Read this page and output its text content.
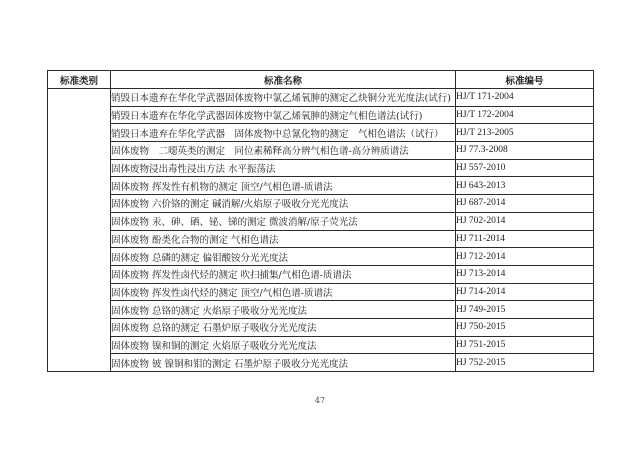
标准类别	标准名称	标准编号
	销毁日本遗弃在华化学武器固体废物中氯乙烯氧胂的测定乙炔铜分光光度法(试行)	HJ/T 171-2004
	销毁日本遗弃在华化学武器固体废物中氯乙烯氧胂的测定气相色谱法(试行)	HJ/T 172-2004
	销毁日本遗弃在华化学武器　固体废物中总氰化物的测定　气相色谱法（试行）	HJ/T 213-2005
	固体废物　二噁英类的测定　同位素稀释高分辨气相色谱-高分辨质谱法	HJ 77.3-2008
	固体废物浸出毒性浸出方法 水平振荡法	HJ 557-2010
	固体废物 挥发性有机物的测定 顶空/气相色谱-质谱法	HJ 643-2013
	固体废物 六价铬的测定 碱消解/火焰原子吸收分光光度法	HJ 687-2014
	固体废物 汞、砷、硒、铋、锑的测定 微波消解/原子荧光法	HJ 702-2014
	固体废物 酚类化合物的测定 气相色谱法	HJ 711-2014
	固体废物 总磷的测定 偏钼酸铵分光光度法	HJ 712-2014
	固体废物 挥发性卤代烃的测定 吹扫捕集/气相色谱-质谱法	HJ 713-2014
	固体废物 挥发性卤代烃的测定 顶空/气相色谱-质谱法	HJ 714-2014
	固体废物 总铬的测定 火焰原子吸收分光光度法	HJ 749-2015
	固体废物 总铬的测定 石墨炉原子吸收分光光度法	HJ 750-2015
	固体废物 镍和铜的测定 火焰原子吸收分光光度法	HJ 751-2015
	固体废物 铍 镍铜和钼的测定 石墨炉原子吸收分光光度法	HJ 752-2015
47
